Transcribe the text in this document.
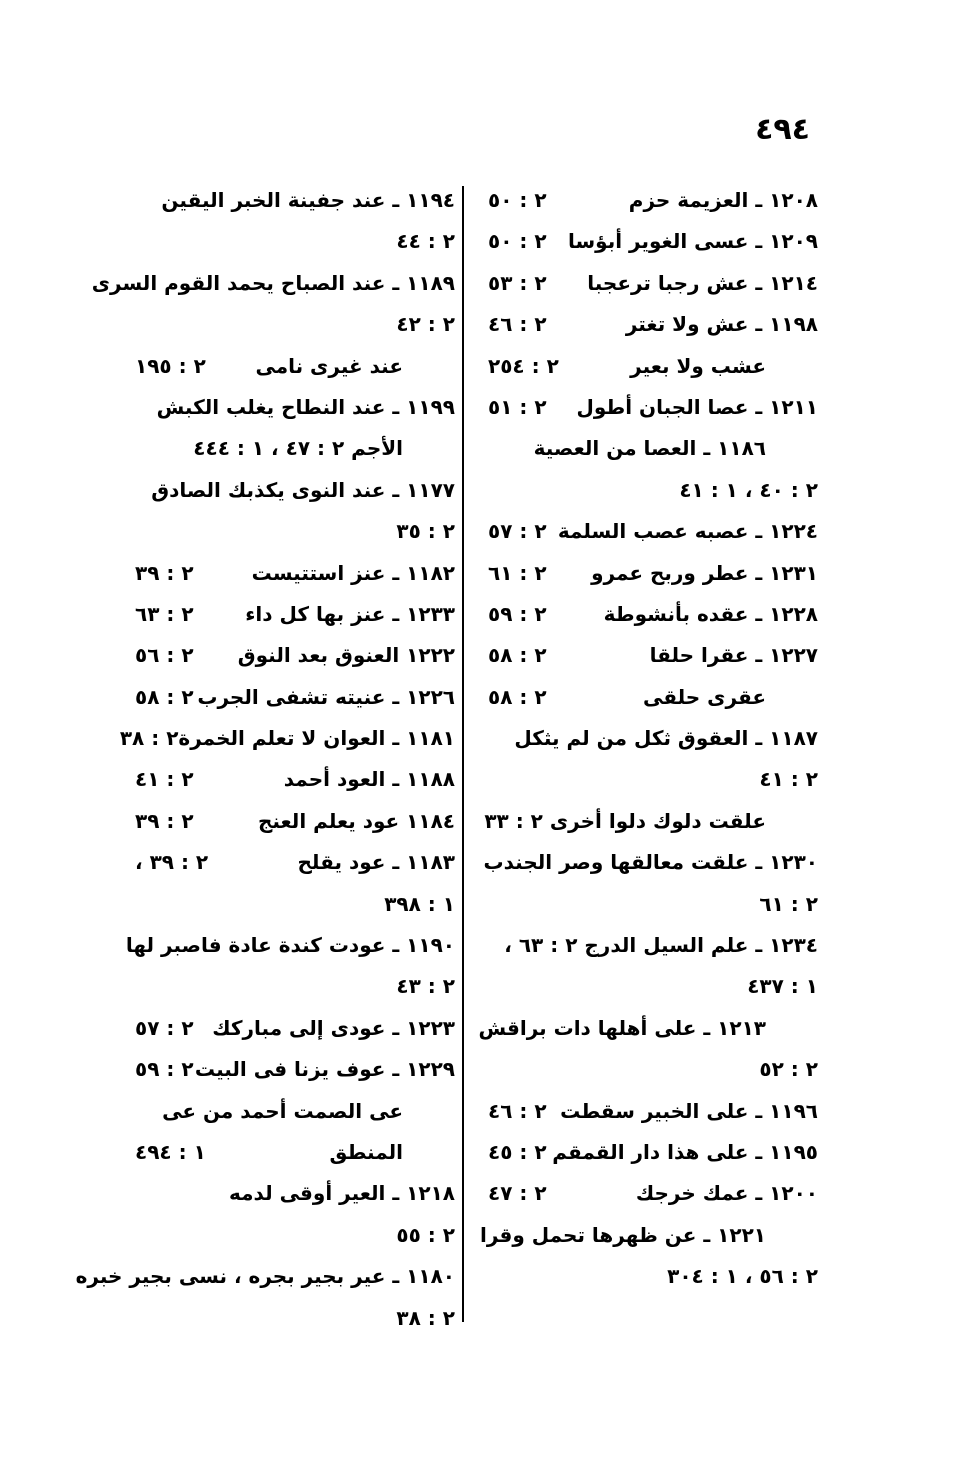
٤٩٤
١٢٠٨ ـ العزيمة حزم
٢ : ٥٠
١٢٠٩ ـ عسى الغوير أبؤسا
٢ : ٥٠
١٢١٤ ـ عش رجبا ترعجبا
٢ : ٥٣
١١٩٨ ـ عش ولا تغتر
٢ : ٤٦
عشب ولا بعير
٢ : ٢٥٤
١٢١١ ـ عصا الجبان أطول
٢ : ٥١
١١٨٦ ـ العصا من العصية
٢ : ٤٠ ، ١ : ٤١
١٢٢٤ ـ عصبه عصب السلمة
٢ : ٥٧
١٢٣١ ـ عطر وربح عمرو
٢ : ٦١
١٢٢٨ ـ عقده بأنشوطة
٢ : ٥٩
١٢٢٧ ـ عقرا حلقا
٢ : ٥٨
عقرى حلقى
٢ : ٥٨
١١٨٧ ـ العقوق ثكل من لم يثكل
٢ : ٤١
علقت دلوك دلوا أخرى ٢ : ٣٣
١٢٣٠ ـ علقت معالقها وصر الجندب
٢ : ٦١
١٢٣٤ ـ علم السيل الدرج ٢ : ٦٣ ،
١ : ٤٣٧
١٢١٣ ـ على أهلها دات براقش
٢ : ٥٢
١١٩٦ ـ على الخبير سقطت
٢ : ٤٦
١١٩٥ ـ على هذا دار القمقم
٢ : ٤٥
١٢٠٠ ـ عمك خرجك
٢ : ٤٧
١٢٢١ ـ عن ظهرها تحمل وقرا
٢ : ٥٦ ، ١ : ٣٠٤
١١٩٤ ـ عند جفينة الخبر اليقين
٢ : ٤٤
١١٨٩ ـ عند الصباح يحمد القوم السرى
٢ : ٤٢
عند غيرى نامى
٢ : ١٩٥
١١٩٩ ـ عند النطاح يغلب الكبش
الأجم ٢ : ٤٧ ، ١ : ٤٤٤
١١٧٧ ـ عند النوى يكذبك الصادق
٢ : ٣٥
١١٨٢ ـ عنز استتيست
٢ : ٣٩
١٢٣٣ ـ عنز بها كل داء
٢ : ٦٣
١٢٢٢ العنوق بعد النوق
٢ : ٥٦
١٢٢٦ ـ عنيته تشفى الجرب
٢ : ٥٨
١١٨١ ـ العوان لا تعلم الخمرة
٢ : ٣٨
١١٨٨ ـ العود أحمد
٢ : ٤١
١١٨٤ عود يعلم العنج
٢ : ٣٩
١١٨٣ ـ عود يقلح
٢ : ٣٩ ،
١ : ٣٩٨
١١٩٠ ـ عودت كندة عادة فاصبر لها
٢ : ٤٣
١٢٢٣ ـ عودى إلى مباركك
٢ : ٥٧
١٢٢٩ ـ عوف يزنا فى البيت
٢ : ٥٩
عى الصمت أحمد من عى
المنطق
١ : ٤٩٤
١٢١٨ ـ العير أوقى لدمه
٢ : ٥٥
١١٨٠ ـ عير بجير بجره ، نسى بجير خبره
٢ : ٣٨
